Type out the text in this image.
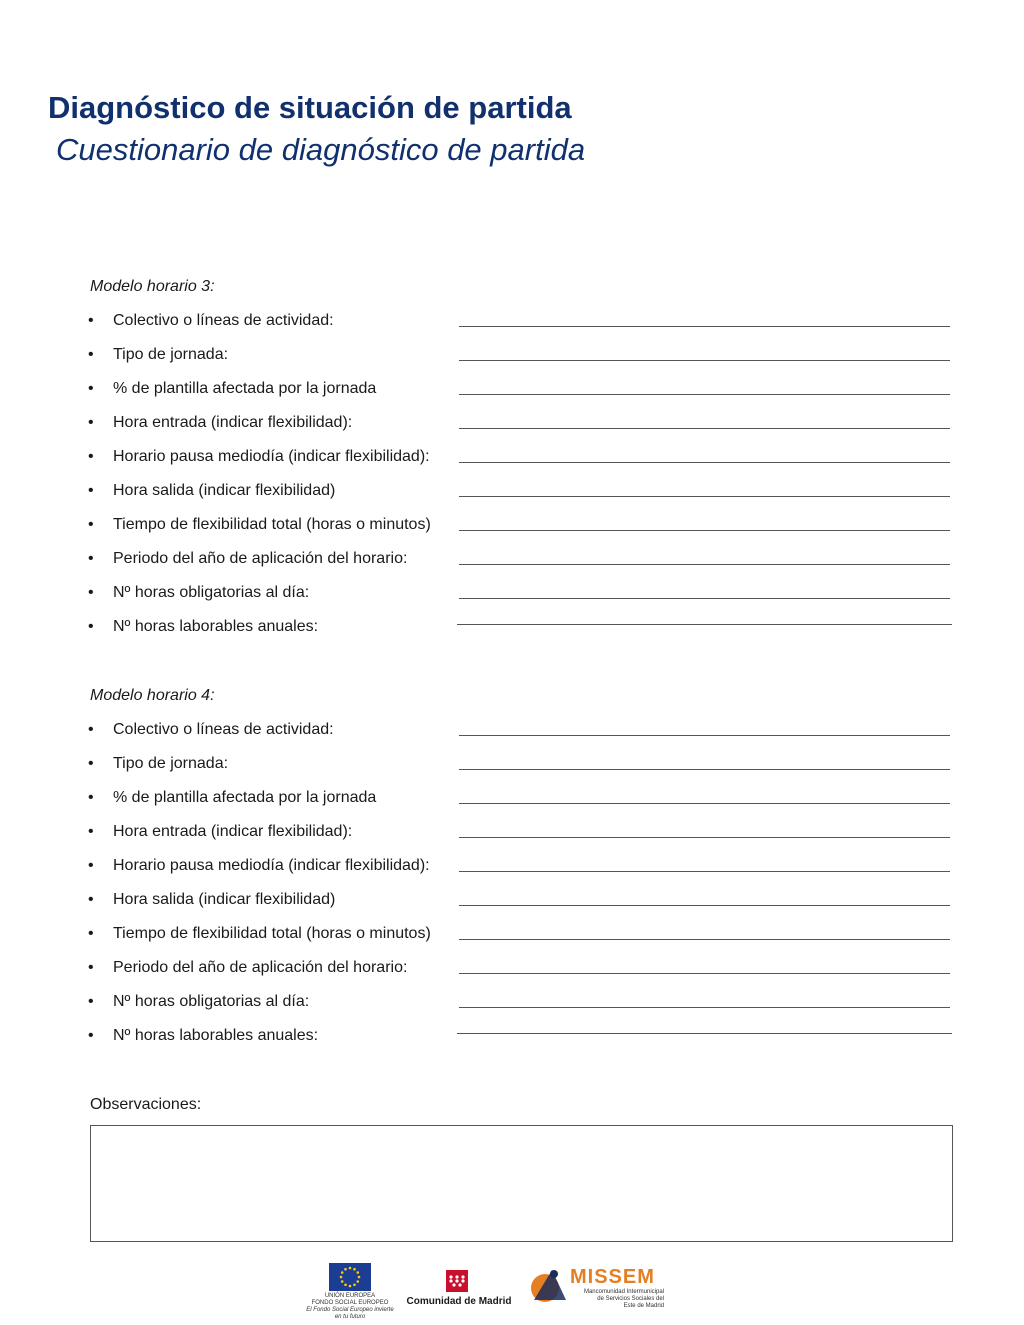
Diagnóstico de situación de partida
Cuestionario de diagnóstico de partida
Modelo horario 3:
• Colectivo o líneas de actividad:
• Tipo de jornada:
• % de plantilla afectada por la jornada
• Hora entrada (indicar flexibilidad):
• Horario pausa mediodía (indicar flexibilidad):
• Hora salida (indicar flexibilidad)
• Tiempo de flexibilidad total (horas o minutos)
• Periodo del año de aplicación del horario:
• Nº horas obligatorias al día:
• Nº horas laborables anuales:
Modelo horario 4:
• Colectivo o líneas de actividad:
• Tipo de jornada:
• % de plantilla afectada por la jornada
• Hora entrada (indicar flexibilidad):
• Horario pausa mediodía (indicar flexibilidad):
• Hora salida (indicar flexibilidad)
• Tiempo de flexibilidad total (horas o minutos)
• Periodo del año de aplicación del horario:
• Nº horas obligatorias al día:
• Nº horas laborables anuales:
Observaciones:
UNIÓN EUROPEA
FONDO SOCIAL EUROPEO
El Fondo Social Europeo invierte en tu futuro
Comunidad de Madrid
MISSEM
Mancomunidad Intermunicipal
de Servicios Sociales del
Este de Madrid
